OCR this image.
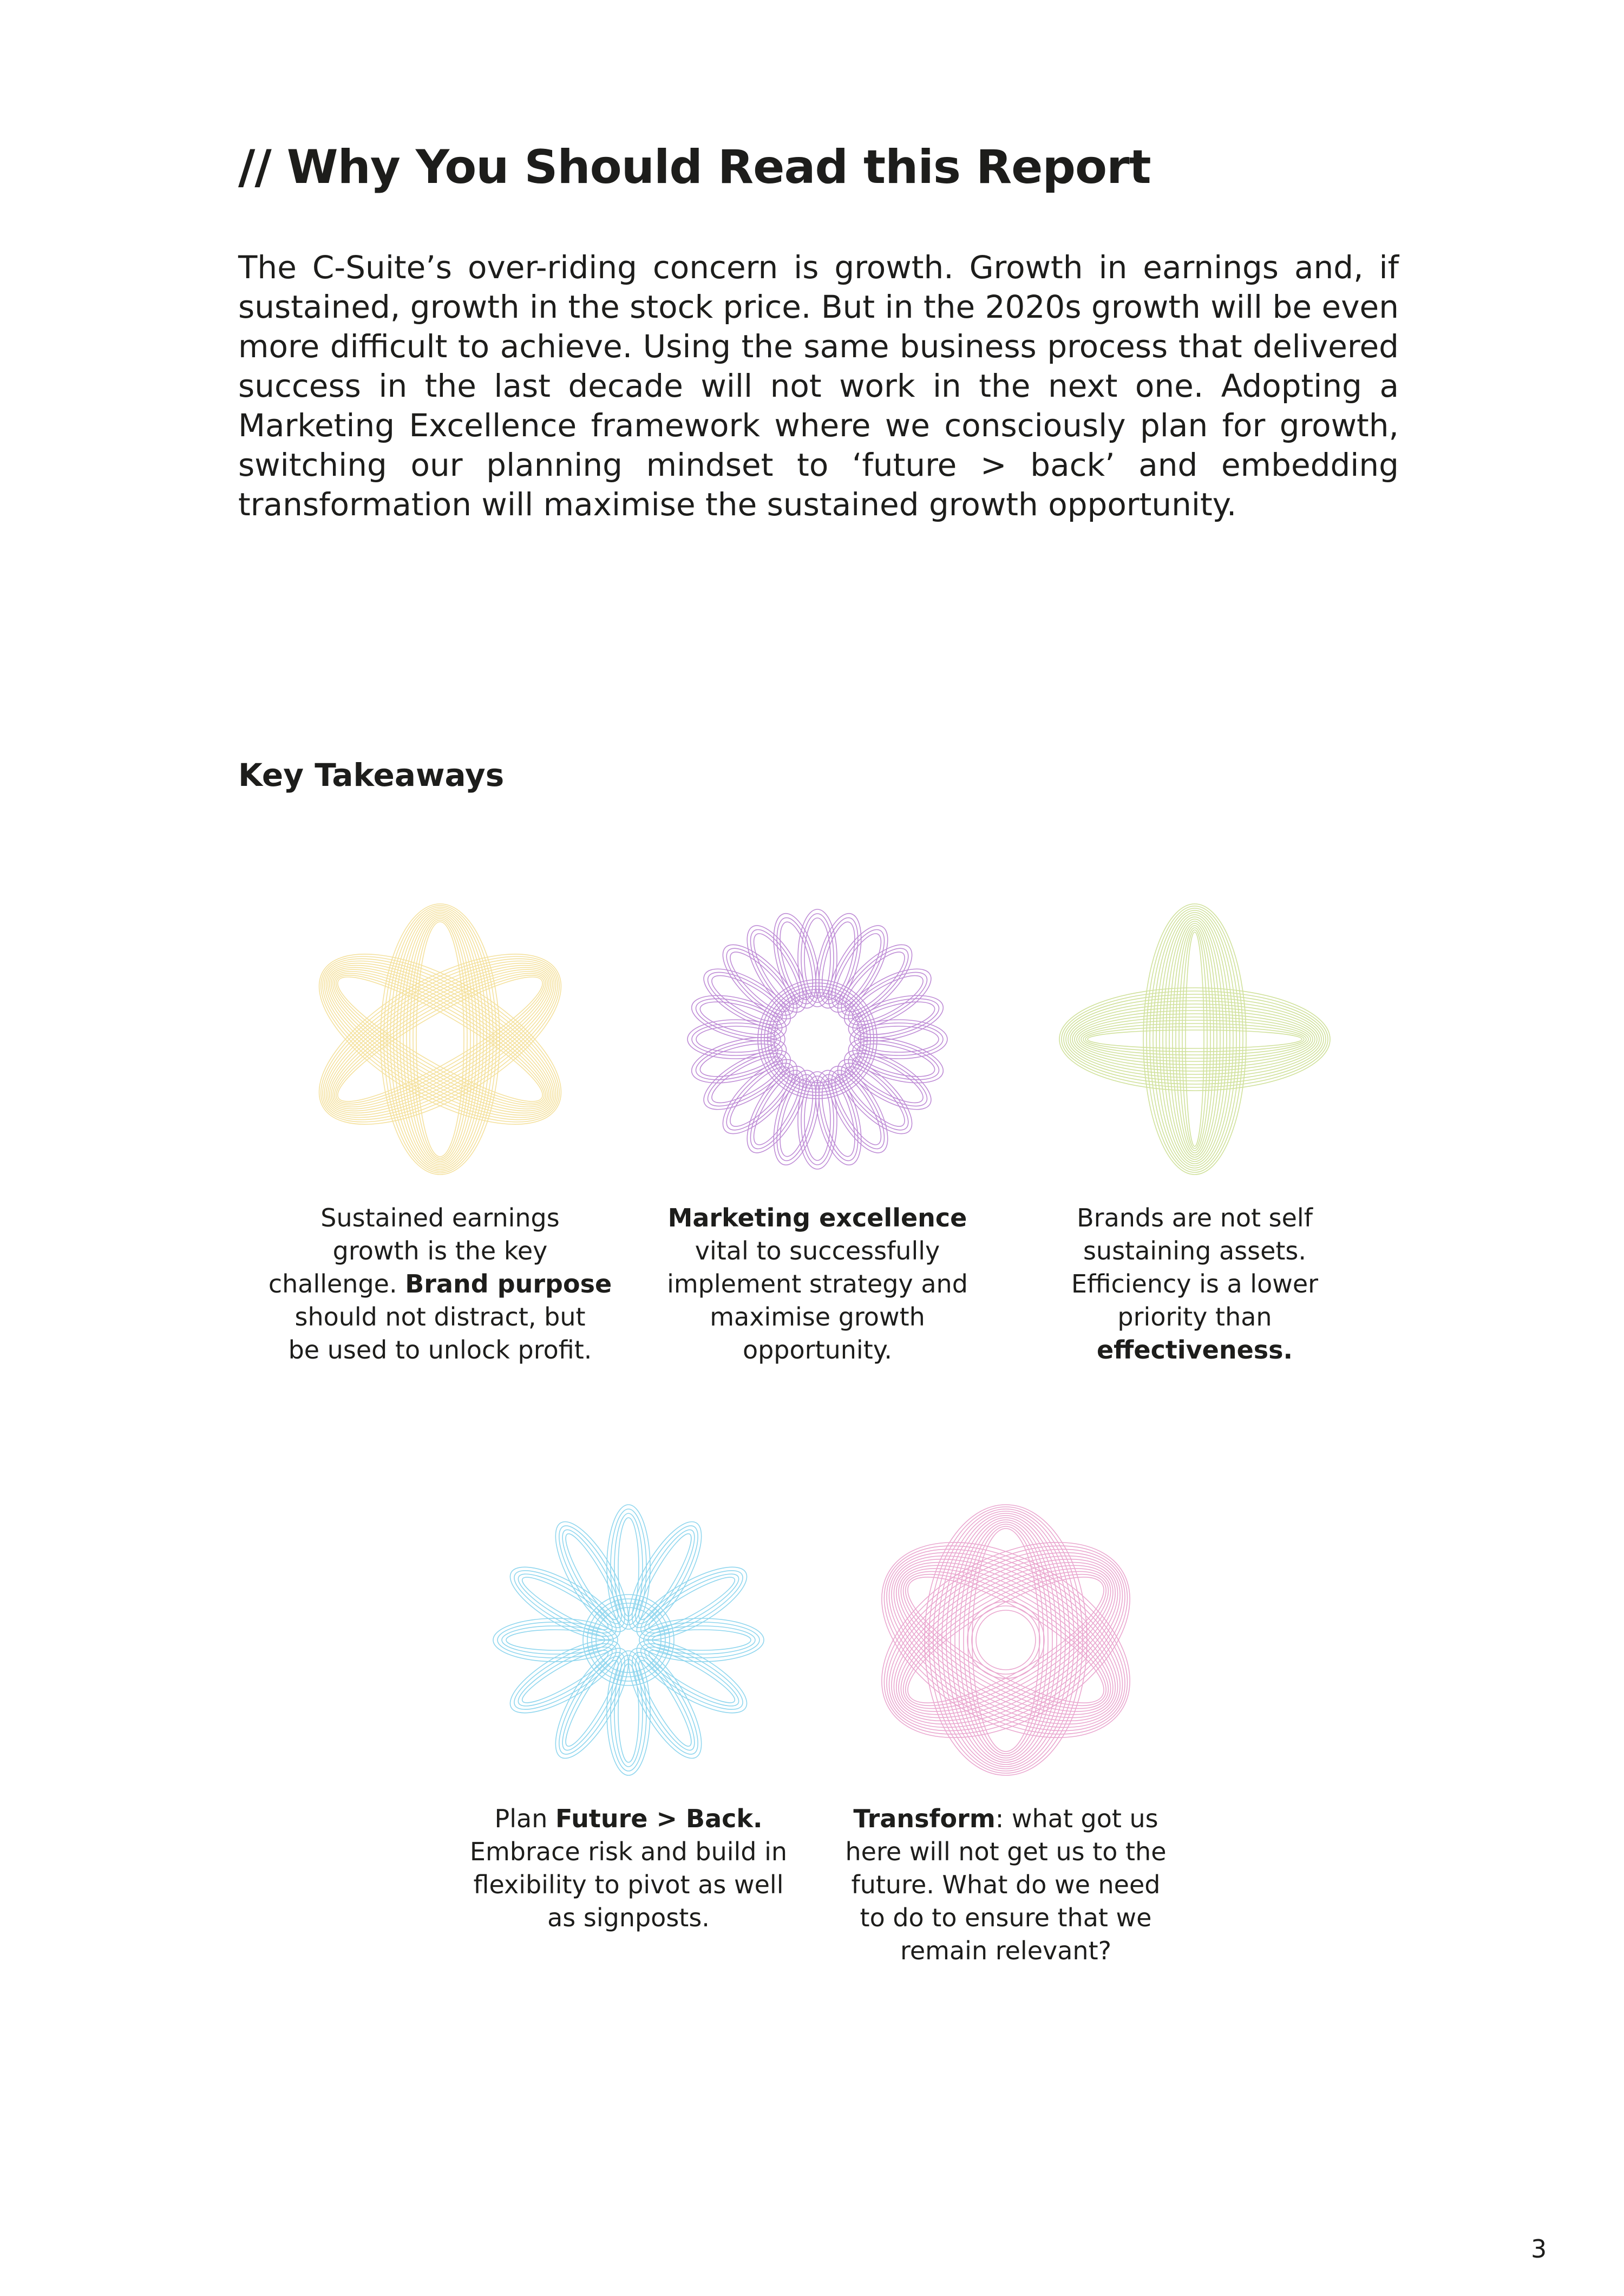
// Why You Should Read this Report
The C-Suite’s over-riding concern is growth. Growth in earnings and, if
sustained, growth in the stock price. But in the 2020s growth will be even
more difficult to achieve. Using the same business process that delivered
success in the last decade will not work in the next one. Adopting a
Marketing Excellence framework where we consciously plan for growth,
switching our planning mindset to ‘future > back’ and embedding
transformation will maximise the sustained growth opportunity.
Key Takeaways
Sustained earnings
growth is the key
challenge. Brand purpose
should not distract, but
be used to unlock profit.
Marketing excellence
vital to successfully
implement strategy and
maximise growth
opportunity.
Brands are not self
sustaining assets.
Efficiency is a lower
priority than
effectiveness.
Plan Future > Back.
Embrace risk and build in
flexibility to pivot as well
as signposts.
Transform: what got us
here will not get us to the
future. What do we need
to do to ensure that we
remain relevant?
3
